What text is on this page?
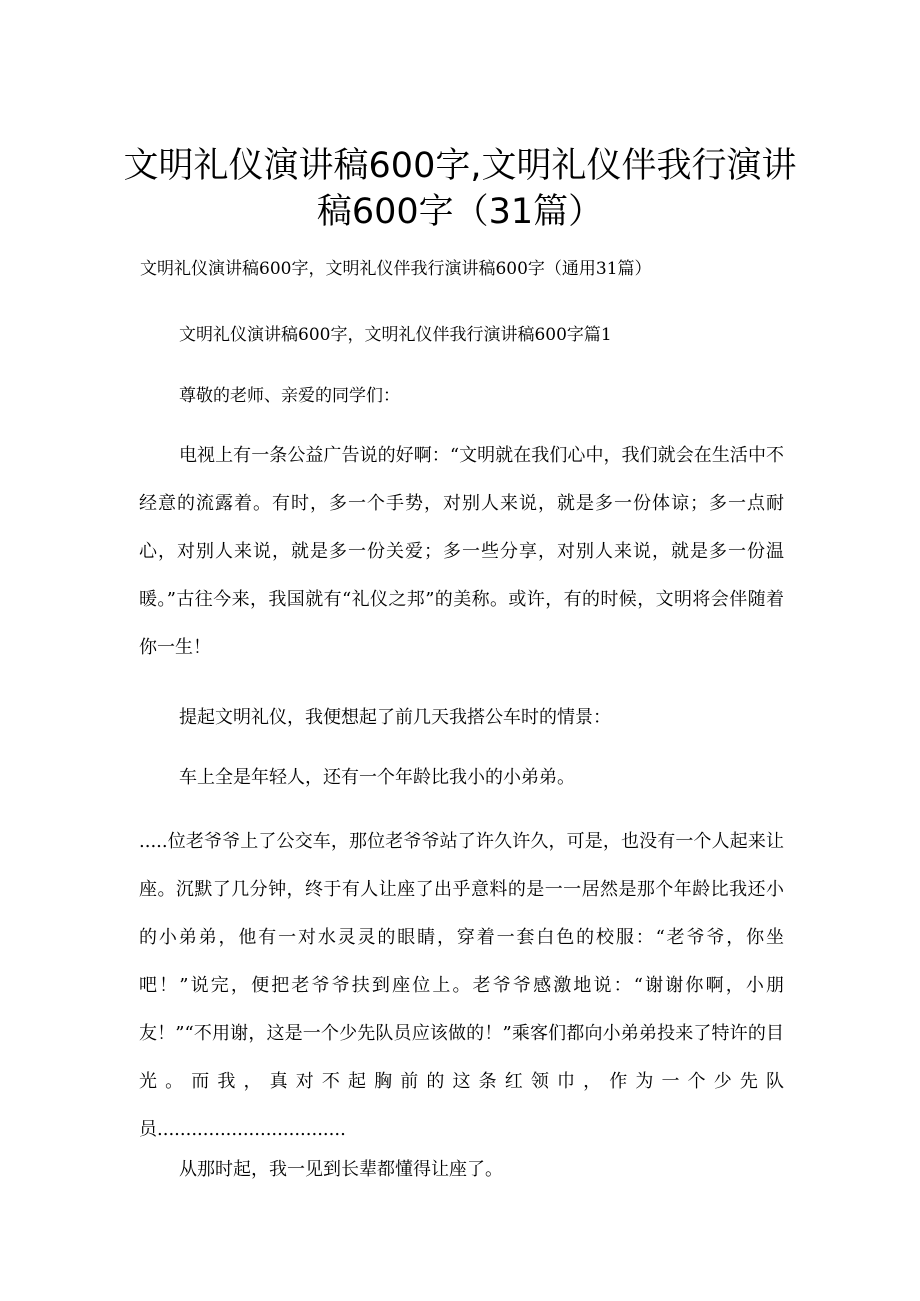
文明礼仪演讲稿600字,文明礼仪伴我行演讲稿600字（31篇）
文明礼仪演讲稿600字，文明礼仪伴我行演讲稿600字（通用31篇）

文明礼仪演讲稿600字，文明礼仪伴我行演讲稿600字篇1

尊敬的老师、亲爱的同学们：

电视上有一条公益广告说的好啊：“文明就在我们心中，我们就会在生活中不经意的流露着。有时，多一个手势，对别人来说，就是多一份体谅；多一点耐心，对别人来说，就是多一份关爱；多一些分享，对别人来说，就是多一份温暖。”古往今来，我国就有“礼仪之邦”的美称。或许，有的时候，文明将会伴随着你一生！

提起文明礼仪，我便想起了前几天我搭公车时的情景：

车上全是年轻人，还有一个年龄比我小的小弟弟。

.....位老爷爷上了公交车，那位老爷爷站了许久许久，可是，也没有一个人起来让座。沉默了几分钟，终于有人让座了出乎意料的是一一居然是那个年龄比我还小的小弟弟，他有一对水灵灵的眼睛，穿着一套白色的校服：“老爷爷，你坐吧！”说完，便把老爷爷扶到座位上。老爷爷感激地说：“谢谢你啊，小朋友！”“不用谢，这是一个少先队员应该做的！”乘客们都向小弟弟投来了特许的目光。而我，真对不起胸前的这条红领巾，作为一个少先队员.................................

从那时起，我一见到长辈都懂得让座了。
